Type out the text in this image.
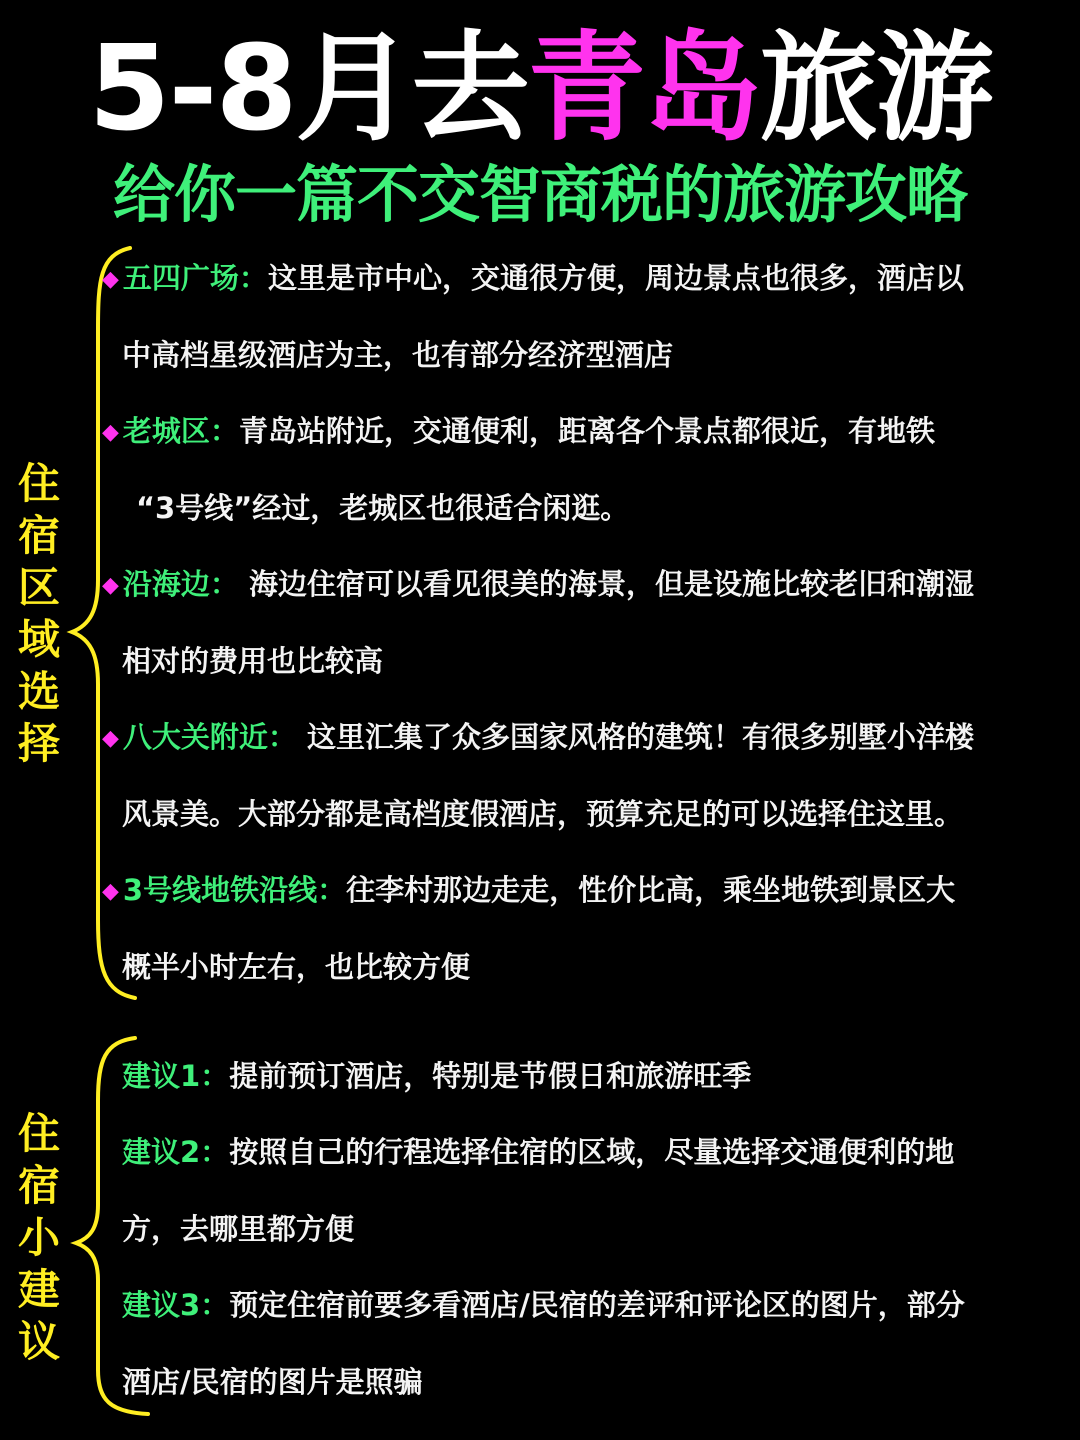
5-8月去青岛旅游
给你一篇不交智商税的旅游攻略
住
宿
区
域
选
择
◆ 五四广场：这里是市中心，交通很方便，周边景点也很多，酒店以
中高档星级酒店为主，也有部分经济型酒店
◆ 老城区：青岛站附近，交通便利，距离各个景点都很近，有地铁
“3号线”经过，老城区也很适合闲逛。
◆ 沿海边： 海边住宿可以看见很美的海景，但是设施比较老旧和潮湿
相对的费用也比较高
◆ 八大关附近： 这里汇集了众多国家风格的建筑！有很多别墅小洋楼
风景美。大部分都是高档度假酒店，预算充足的可以选择住这里。
◆ 3号线地铁沿线：往李村那边走走，性价比高，乘坐地铁到景区大
概半小时左右，也比较方便
住
宿
小
建
议
建议1：提前预订酒店，特别是节假日和旅游旺季
建议2：按照自己的行程选择住宿的区域，尽量选择交通便利的地
方，去哪里都方便
建议3：预定住宿前要多看酒店/民宿的差评和评论区的图片，部分
酒店/民宿的图片是照骗
